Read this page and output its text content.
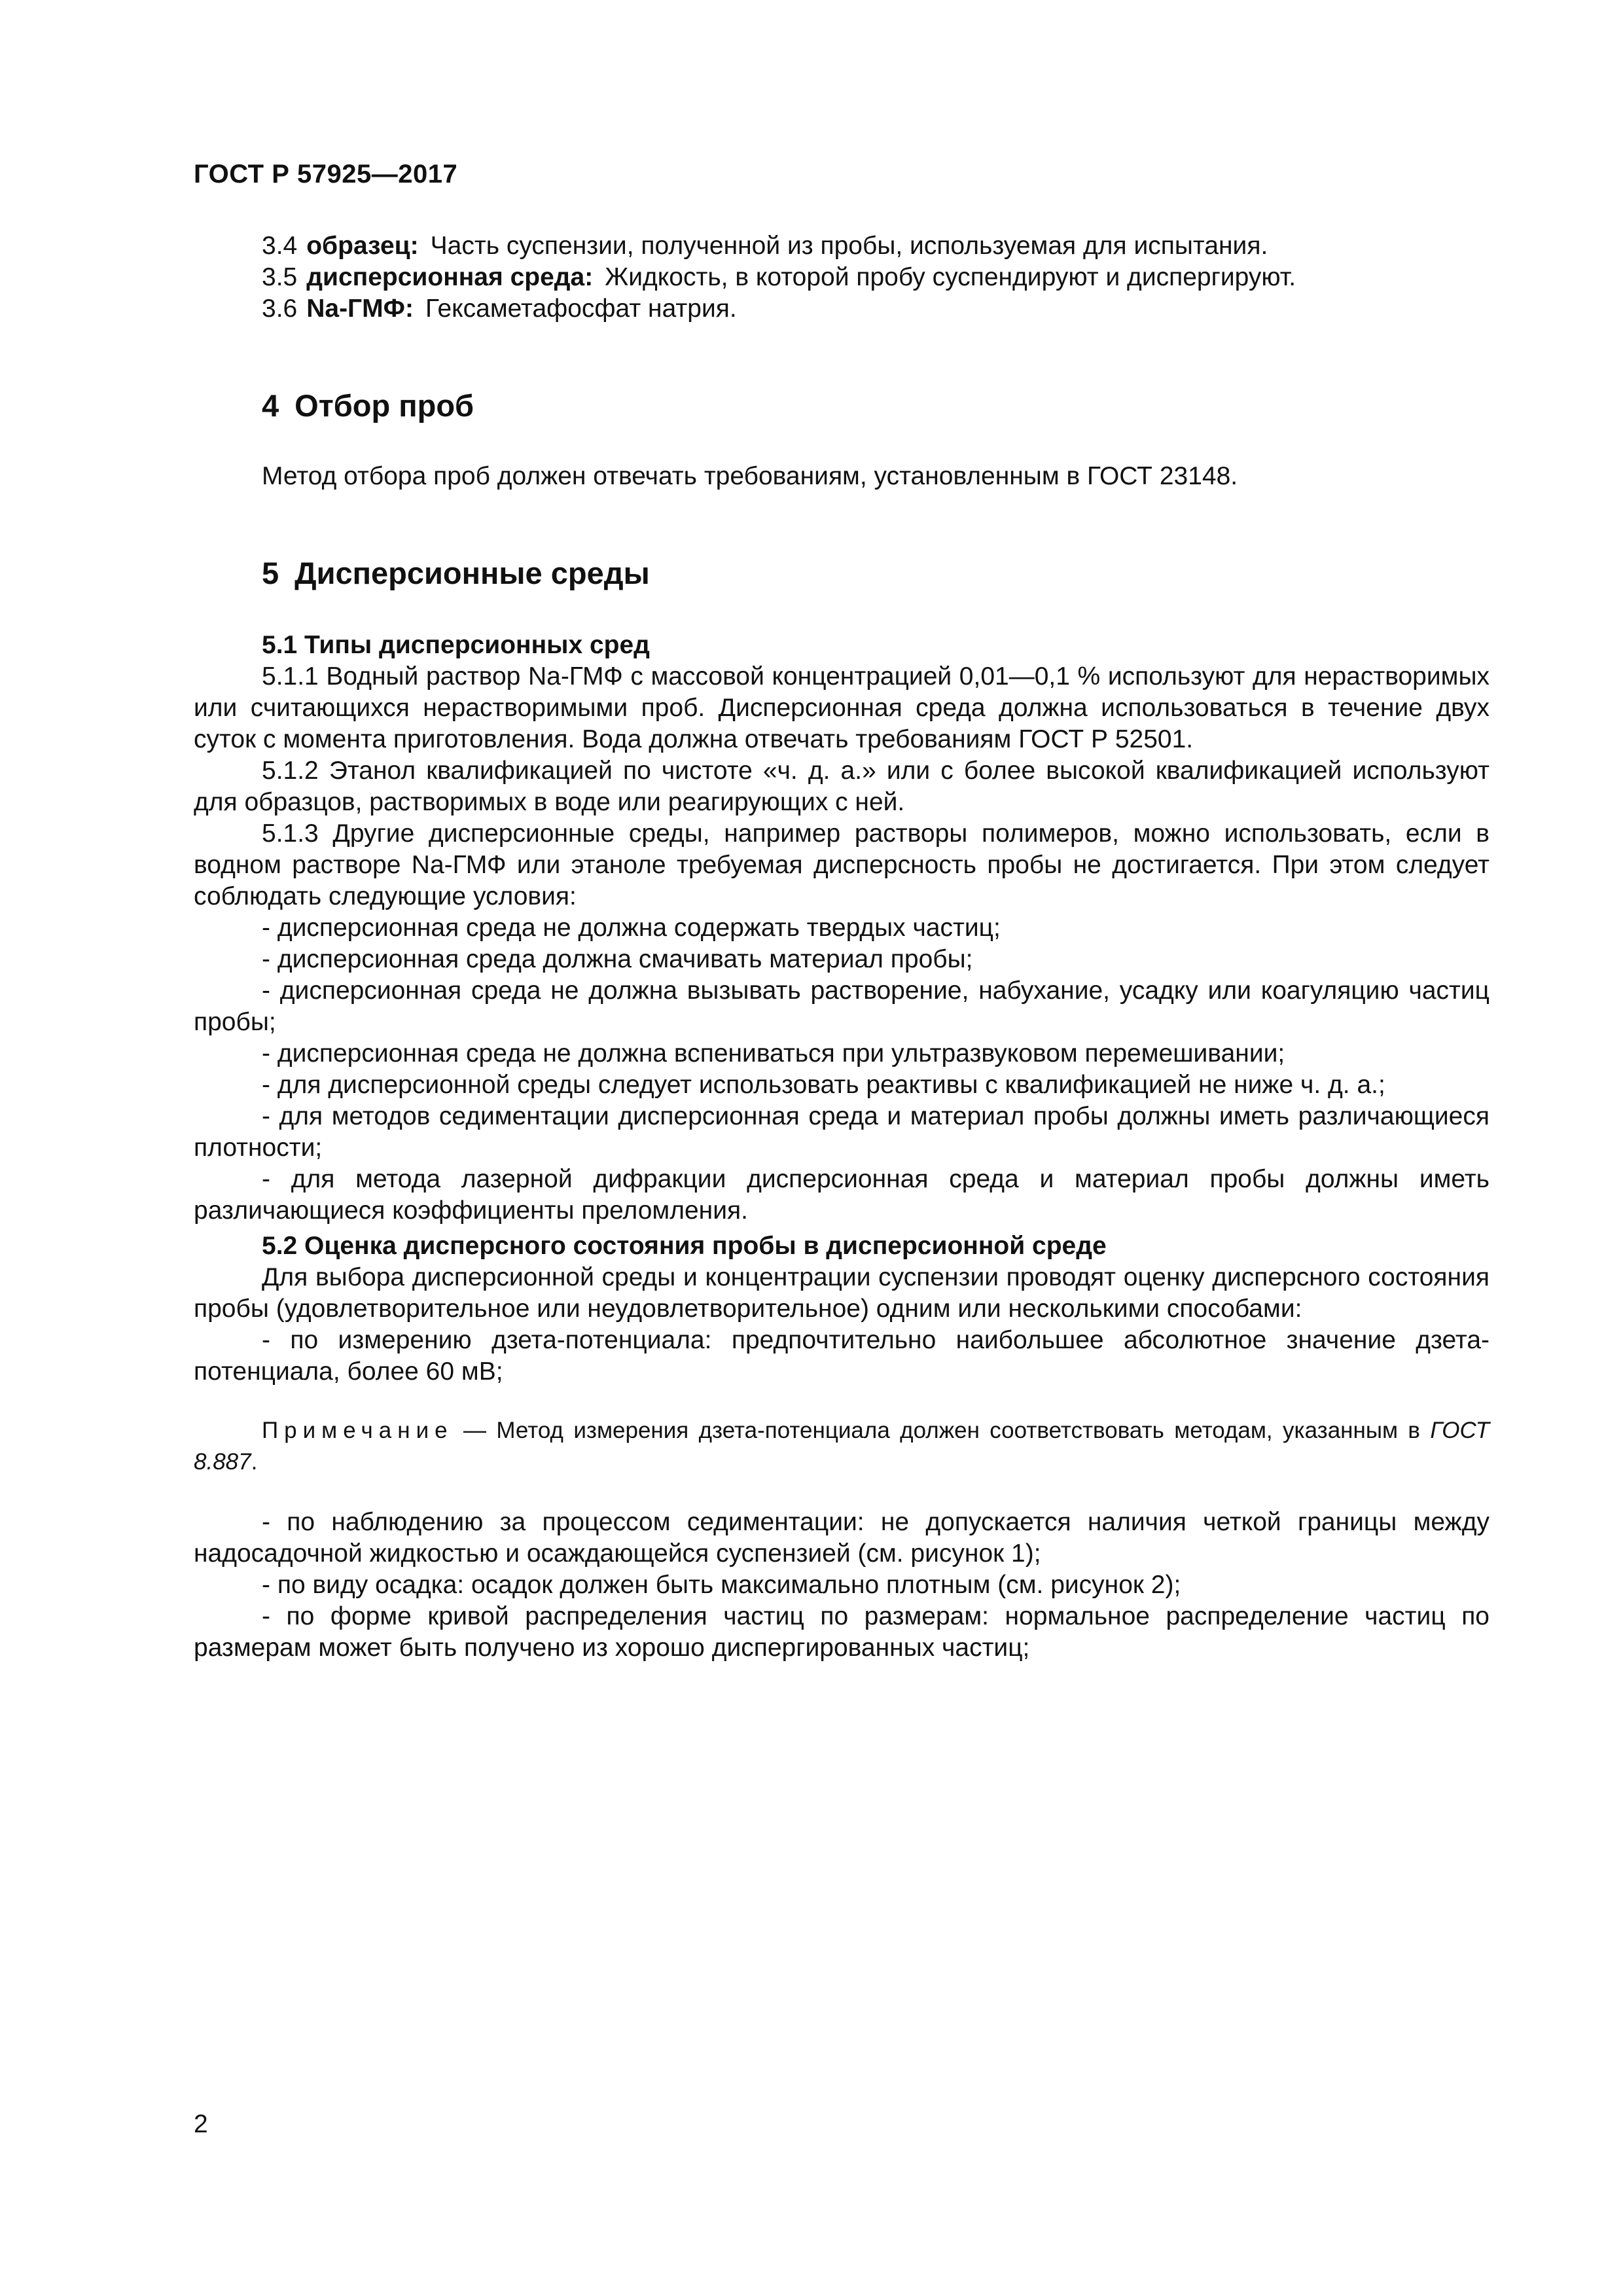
ГОСТ Р 57925—2017
3.4 образец: Часть суспензии, полученной из пробы, используемая для испытания.
3.5 дисперсионная среда: Жидкость, в которой пробу суспендируют и диспергируют.
3.6 Na-ГМФ: Гексаметафосфат натрия.
4 Отбор проб

Метод отбора проб должен отвечать требованиям, установленным в ГОСТ 23148.

5 Дисперсионные среды

5.1 Типы дисперсионных сред

5.1.1 Водный раствор Na-ГМФ с массовой концентрацией 0,01—0,1 % используют для нерастворимых или считающихся нерастворимыми проб. Дисперсионная среда должна использоваться в течение двух суток с момента приготовления. Вода должна отвечать требованиям ГОСТ Р 52501.

5.1.2 Этанол квалификацией по чистоте «ч. д. а.» или с более высокой квалификацией используют для образцов, растворимых в воде или реагирующих с ней.

5.1.3 Другие дисперсионные среды, например растворы полимеров, можно использовать, если в водном растворе Na-ГМФ или этаноле требуемая дисперсность пробы не достигается. При этом следует соблюдать следующие условия:

- дисперсионная среда не должна содержать твердых частиц;

- дисперсионная среда должна смачивать материал пробы;

- дисперсионная среда не должна вызывать растворение, набухание, усадку или коагуляцию частиц пробы;

- дисперсионная среда не должна вспениваться при ультразвуковом перемешивании;

- для дисперсионной среды следует использовать реактивы с квалификацией не ниже ч. д. а.;

- для методов седиментации дисперсионная среда и материал пробы должны иметь различающиеся плотности;

- для метода лазерной дифракции дисперсионная среда и материал пробы должны иметь различающиеся коэффициенты преломления.

5.2 Оценка дисперсного состояния пробы в дисперсионной среде

Для выбора дисперсионной среды и концентрации суспензии проводят оценку дисперсного состояния пробы (удовлетворительное или неудовлетворительное) одним или несколькими способами:

- по измерению дзета-потенциала: предпочтительно наибольшее абсолютное значение дзета-потенциала, более 60 мВ;

Примечание — Метод измерения дзета-потенциала должен соответствовать методам, указанным в ГОСТ 8.887.

- по наблюдению за процессом седиментации: не допускается наличия четкой границы между надосадочной жидкостью и осаждающейся суспензией (см. рисунок 1);

- по виду осадка: осадок должен быть максимально плотным (см. рисунок 2);

- по форме кривой распределения частиц по размерам: нормальное распределение частиц по размерам может быть получено из хорошо диспергированных частиц;

2
